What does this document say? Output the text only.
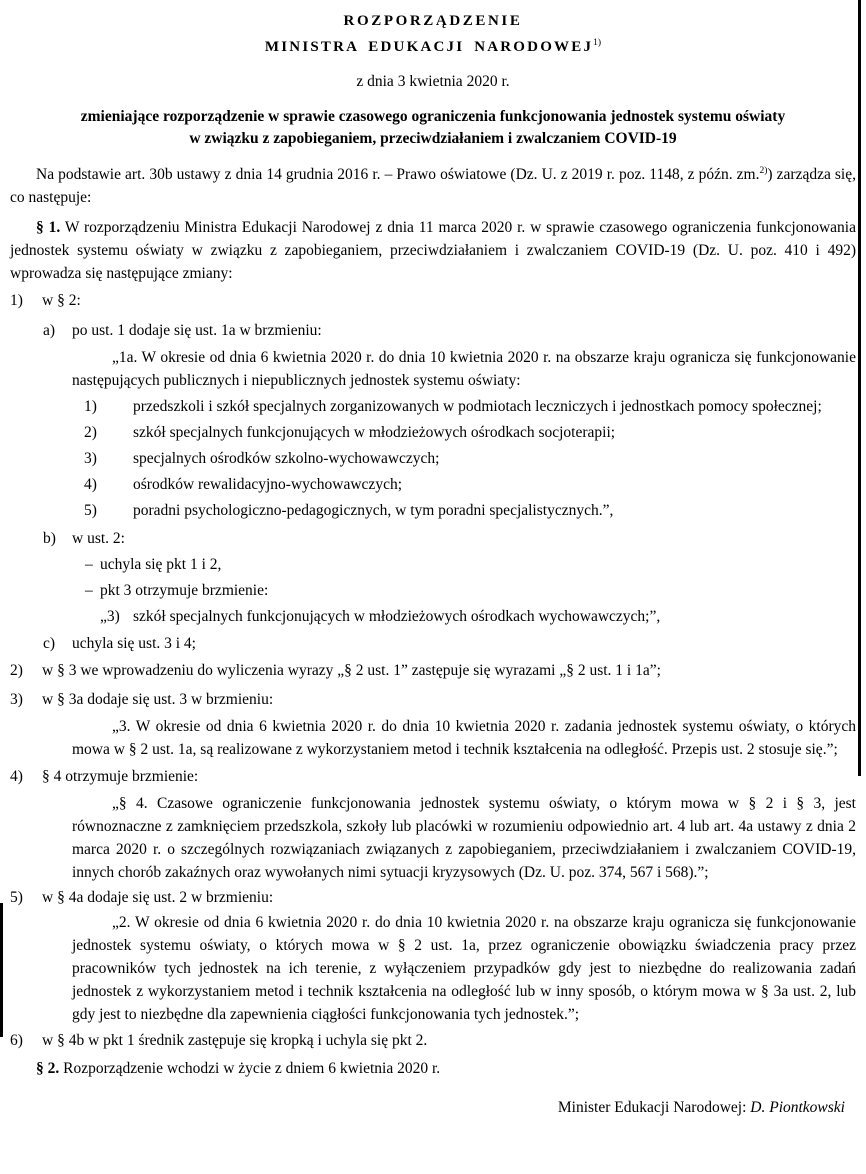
ROZPORZĄDZENIE
MINISTRA EDUKACJI NARODOWEJ$^{1)}$
z dnia 3 kwietnia 2020 r.
zmieniające rozporządzenie w sprawie czasowego ograniczenia funkcjonowania jednostek systemu oświaty
w związku z zapobieganiem, przeciwdziałaniem i zwalczaniem COVID-19
Na podstawie art. 30b ustawy z dnia 14 grudnia 2016 r. – Prawo oświatowe (Dz. U. z 2019 r. poz. 1148, z późn. zm.$^{2)}$) zarządza się, co następuje:
§ 1. W rozporządzeniu Ministra Edukacji Narodowej z dnia 11 marca 2020 r. w sprawie czasowego ograniczenia funkcjonowania jednostek systemu oświaty w związku z zapobieganiem, przeciwdziałaniem i zwalczaniem COVID-19 (Dz. U. poz. 410 i 492) wprowadza się następujące zmiany:
1)	w § 2:
a) po ust. 1 dodaje się ust. 1a w brzmieniu:
„1a. W okresie od dnia 6 kwietnia 2020 r. do dnia 10 kwietnia 2020 r. na obszarze kraju ogranicza się funkcjonowanie następujących publicznych i niepublicznych jednostek systemu oświaty:
1) przedszkoli i szkół specjalnych zorganizowanych w podmiotach leczniczych i jednostkach pomocy społecznej;
2) szkół specjalnych funkcjonujących w młodzieżowych ośrodkach socjoterapii;
3) specjalnych ośrodków szkolno-wychowawczych;
4) ośrodków rewalidacyjno-wychowawczych;
5) poradni psychologiczno-pedagogicznych, w tym poradni specjalistycznych.”,
b) w ust. 2:
– uchyla się pkt 1 i 2,
– pkt 3 otrzymuje brzmienie:
„3) szkół specjalnych funkcjonujących w młodzieżowych ośrodkach wychowawczych;”,
c) uchyla się ust. 3 i 4;
2)	w § 3 we wprowadzeniu do wyliczenia wyrazy „§ 2 ust. 1” zastępuje się wyrazami „§ 2 ust. 1 i 1a”;
3)	w § 3a dodaje się ust. 3 w brzmieniu:
„3. W okresie od dnia 6 kwietnia 2020 r. do dnia 10 kwietnia 2020 r. zadania jednostek systemu oświaty, o których mowa w § 2 ust. 1a, są realizowane z wykorzystaniem metod i technik kształcenia na odległość. Przepis ust. 2 stosuje się.”;
4)	§ 4 otrzymuje brzmienie:
„§ 4. Czasowe ograniczenie funkcjonowania jednostek systemu oświaty, o którym mowa w § 2 i § 3, jest równoznaczne z zamknięciem przedszkola, szkoły lub placówki w rozumieniu odpowiednio art. 4 lub art. 4a ustawy z dnia 2 marca 2020 r. o szczególnych rozwiązaniach związanych z zapobieganiem, przeciwdziałaniem i zwalczaniem COVID-19, innych chorób zakaźnych oraz wywołanych nimi sytuacji kryzysowych (Dz. U. poz. 374, 567 i 568).”;
5)	w § 4a dodaje się ust. 2 w brzmieniu:
„2. W okresie od dnia 6 kwietnia 2020 r. do dnia 10 kwietnia 2020 r. na obszarze kraju ogranicza się funkcjonowanie jednostek systemu oświaty, o których mowa w § 2 ust. 1a, przez ograniczenie obowiązku świadczenia pracy przez pracowników tych jednostek na ich terenie, z wyłączeniem przypadków gdy jest to niezbędne do realizowania zadań jednostek z wykorzystaniem metod i technik kształcenia na odległość lub w inny sposób, o którym mowa w § 3a ust. 2, lub gdy jest to niezbędne dla zapewnienia ciągłości funkcjonowania tych jednostek.”;
6)	w § 4b w pkt 1 średnik zastępuje się kropką i uchyla się pkt 2.
§ 2. Rozporządzenie wchodzi w życie z dniem 6 kwietnia 2020 r.
Minister Edukacji Narodowej: D. Piontkowski
